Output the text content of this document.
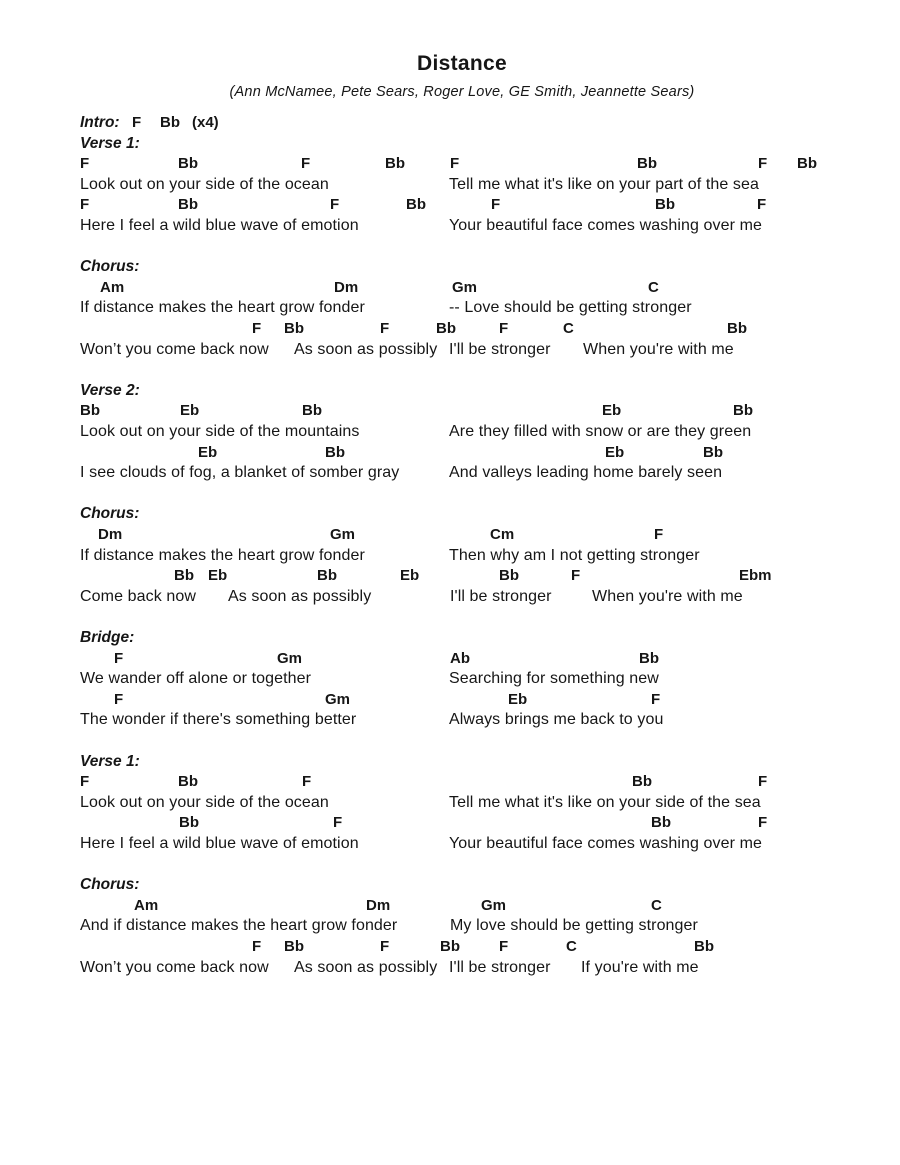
Distance
(Ann McNamee, Pete Sears, Roger Love, GE Smith, Jeannette Sears)
Intro: F Bb (x4)
Verse 1:
F	Bb	F	Bb	F	Bb	F Bb
Look out on your side of the ocean	Tell me what it's like on your part of the sea
F	Bb	F	Bb	F	Bb	F
Here I feel a wild blue wave of emotion	Your beautiful face comes washing over me
Chorus:
Am	Dm	Gm	C
If distance makes the heart grow fonder	-- Love should be getting stronger
F Bb	F	Bb	F	C	Bb
Won’t you come back now As soon as possibly I'll be stronger When you're with me
Verse 2:
Bb	Eb	Bb	Eb	Bb
Look out on your side of the mountains	Are they filled with snow or are they green
Eb	Bb	Eb	Bb
I see clouds of fog, a blanket of somber gray	And valleys leading home barely seen
Chorus:
Dm	Gm	Cm	F
If distance makes the heart grow fonder	Then why am I not getting stronger
Bb Eb	Bb	Eb	Bb	F	Ebm
Come back now As soon as possibly	I'll be stronger	When you're with me
Bridge:
F	Gm	Ab	Bb
We wander off alone or together	Searching for something new
F	Gm	Eb	F
The wonder if there's something better	Always brings me back to you
Verse 1:
F	Bb	F	Bb	F
Look out on your side of the ocean	Tell me what it's like on your side of the sea
Bb	F	Bb	F
Here I feel a wild blue wave of emotion	Your beautiful face comes washing over me
Chorus:
Am	Dm	Gm	C
And if distance makes the heart grow fonder	My love should be getting stronger
F Bb	F	Bb	F	C	Bb
Won’t you come back now As soon as possibly I'll be stronger If you're with me
